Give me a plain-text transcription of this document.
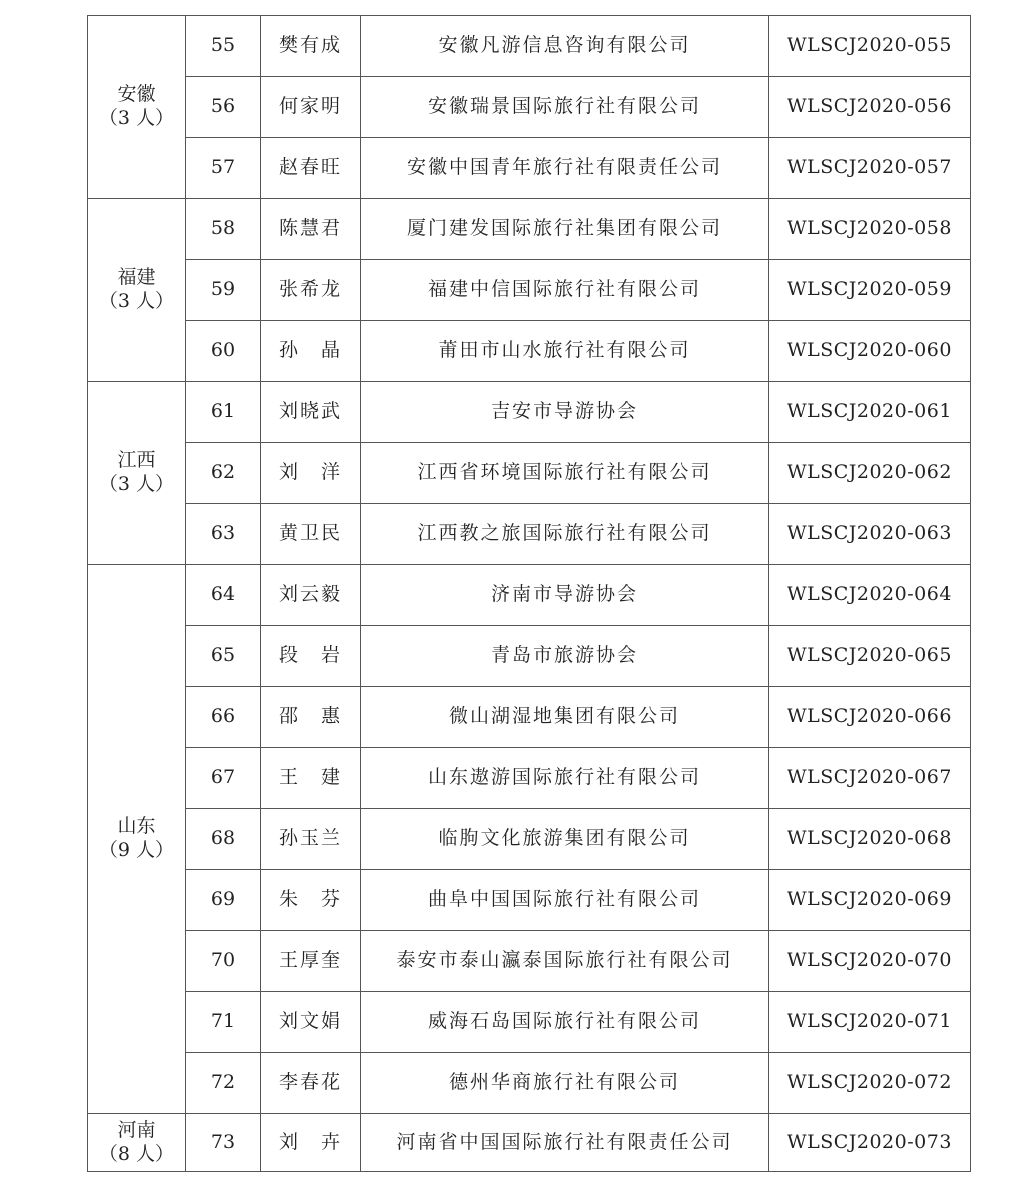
安徽
（3 人）	55	樊有成	安徽凡游信息咨询有限公司	WLSCJ2020-055
	56	何家明	安徽瑞景国际旅行社有限公司	WLSCJ2020-056
	57	赵春旺	安徽中国青年旅行社有限责任公司	WLSCJ2020-057

福建
（3 人）	58	陈慧君	厦门建发国际旅行社集团有限公司	WLSCJ2020-058
	59	张希龙	福建中信国际旅行社有限公司	WLSCJ2020-059
	60	孙　晶	莆田市山水旅行社有限公司	WLSCJ2020-060

江西
（3 人）	61	刘晓武	吉安市导游协会	WLSCJ2020-061
	62	刘　洋	江西省环境国际旅行社有限公司	WLSCJ2020-062
	63	黄卫民	江西教之旅国际旅行社有限公司	WLSCJ2020-063

山东
（9 人）	64	刘云毅	济南市导游协会	WLSCJ2020-064
	65	段　岩	青岛市旅游协会	WLSCJ2020-065
	66	邵　惠	微山湖湿地集团有限公司	WLSCJ2020-066
	67	王　建	山东遨游国际旅行社有限公司	WLSCJ2020-067
	68	孙玉兰	临朐文化旅游集团有限公司	WLSCJ2020-068
	69	朱　芬	曲阜中国国际旅行社有限公司	WLSCJ2020-069
	70	王厚奎	泰安市泰山瀛泰国际旅行社有限公司	WLSCJ2020-070
	71	刘文娟	威海石岛国际旅行社有限公司	WLSCJ2020-071
	72	李春花	德州华商旅行社有限公司	WLSCJ2020-072

河南
（8 人）	73	刘　卉	河南省中国国际旅行社有限责任公司	WLSCJ2020-073
